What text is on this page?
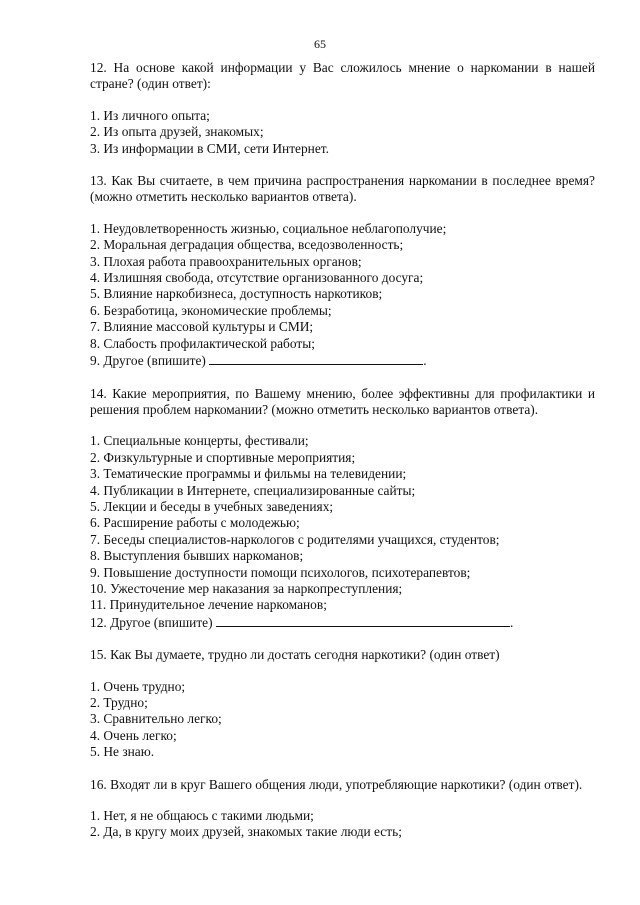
65

12. На основе какой информации у Вас сложилось мнение о наркомании в нашей стране? (один ответ):

1. Из личного опыта;
2. Из опыта друзей, знакомых;
3. Из информации в СМИ, сети Интернет.

13. Как Вы считаете, в чем причина распространения наркомании в последнее время? (можно отметить несколько вариантов ответа).

1. Неудовлетворенность жизнью, социальное неблагополучие;
2. Моральная деградация общества, вседозволенность;
3. Плохая работа правоохранительных органов;
4. Излишняя свобода, отсутствие организованного досуга;
5. Влияние наркобизнеса, доступность наркотиков;
6. Безработица, экономические проблемы;
7. Влияние массовой культуры и СМИ;
8. Слабость профилактической работы;
9. Другое (впишите)	.

14. Какие мероприятия, по Вашему мнению, более эффективны для профилактики и решения проблем наркомании? (можно отметить несколько вариантов ответа).

1. Специальные концерты, фестивали;
2. Физкультурные и спортивные мероприятия;
3. Тематические программы и фильмы на телевидении;
4. Публикации в Интернете, специализированные сайты;
5. Лекции и беседы в учебных заведениях;
6. Расширение работы с молодежью;
7. Беседы специалистов-наркологов с родителями учащихся, студентов;
8. Выступления бывших наркоманов;
9. Повышение доступности помощи психологов, психотерапевтов;
10. Ужесточение мер наказания за наркопреступления;
11. Принудительное лечение наркоманов;
12. Другое (впишите)	.

15. Как Вы думаете, трудно ли достать сегодня наркотики? (один ответ)

1. Очень трудно;
2. Трудно;
3. Сравнительно легко;
4. Очень легко;
5. Не знаю.

16. Входят ли в круг Вашего общения люди, употребляющие наркотики? (один ответ).

1. Нет, я не общаюсь с такими людьми;
2. Да, в кругу моих друзей, знакомых такие люди есть;
